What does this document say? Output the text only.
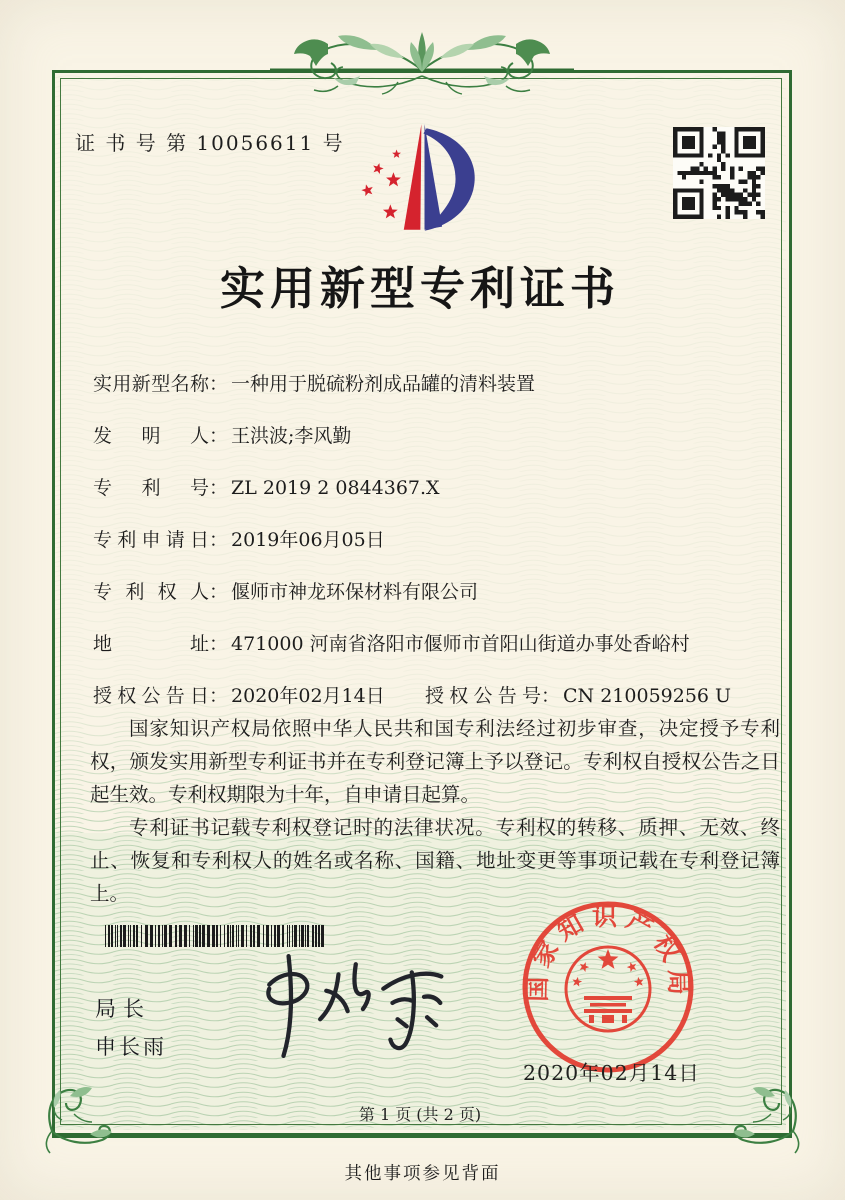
证 书 号 第 10056611 号
实用新型专利证书
实用新型名称： 一种用于脱硫粉剂成品罐的清料装置
发明人： 王洪波;李风勤
专利号： ZL 2019 2 0844367.X
专利申请日： 2019年06月05日
专利权人： 偃师市神龙环保材料有限公司
地址： 471000 河南省洛阳市偃师市首阳山街道办事处香峪村
授权公告日： 2020年02月14日 授权公告号： CN 210059256 U

国家知识产权局依照中华人民共和国专利法经过初步审查，决定授予专利权，颁发实用新型专利证书并在专利登记簿上予以登记。专利权自授权公告之日起生效。专利权期限为十年，自申请日起算。

专利证书记载专利权登记时的法律状况。专利权的转移、质押、无效、终止、恢复和专利权人的姓名或名称、国籍、地址变更等事项记载在专利登记簿上。

局长
申长雨
国家知识产权局
2020年02月14日
第 1 页 (共 2 页)
其他事项参见背面
